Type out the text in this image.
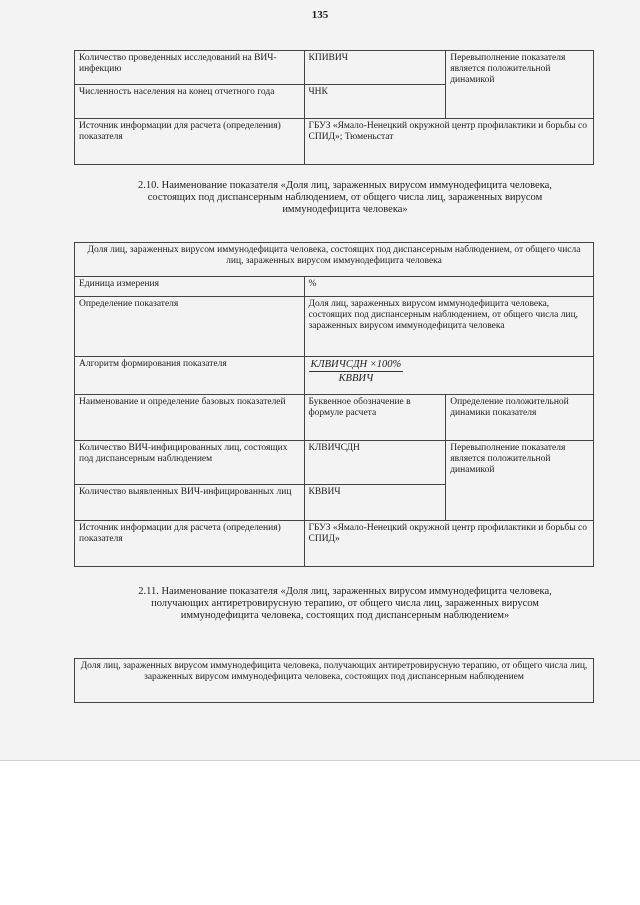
135
Количество проведенных исследований на ВИЧ-инфекцию	КПИВИЧ	Перевыполнение показателя является положительной динамикой
Численность населения на конец отчетного года	ЧНК	
Источник информации для расчета (определения) показателя	ГБУЗ «Ямало-Ненецкий окружной центр профилактики и борьбы со СПИД»; Тюменьстат	
2.10. Наименование показателя «Доля лиц, зараженных вирусом иммунодефицита человека, состоящих под диспансерным наблюдением, от общего числа лиц, зараженных вирусом иммунодефицита человека»
Доля лиц, зараженных вирусом иммунодефицита человека, состоящих под диспансерным наблюдением, от общего числа лиц, зараженных вирусом иммунодефицита человека		
Единица измерения	%	
Определение показателя	Доля лиц, зараженных вирусом иммунодефицита человека, состоящих под диспансерным наблюдением, от общего числа лиц, зараженных вирусом иммунодефицита человека	
Алгоритм формирования показателя	$\frac{\text{КЛВИЧСДН ×100\%}}{\text{КВВИЧ}}$

Наименование и определение базовых показателей	Буквенное обозначение в формуле расчета	Определение положительной динамики показателя
Количество ВИЧ-инфицированных лиц, состоящих под диспансерным наблюдением	КЛВИЧСДН	Перевыполнение показателя является положительной динамикой
Количество выявленных ВИЧ-инфицированных лиц	КВВИЧ	
Источник информации для расчета (определения) показателя	ГБУЗ «Ямало-Ненецкий окружной центр профилактики и борьбы со СПИД»	
2.11. Наименование показателя «Доля лиц, зараженных вирусом иммунодефицита человека, получающих антиретровирусную терапию, от общего числа лиц, зараженных вирусом иммунодефицита человека, состоящих под диспансерным наблюдением»
Доля лиц, зараженных вирусом иммунодефицита человека, получающих антиретровирусную терапию, от общего числа лиц, зараженных вирусом иммунодефицита человека, состоящих под диспансерным наблюдением
